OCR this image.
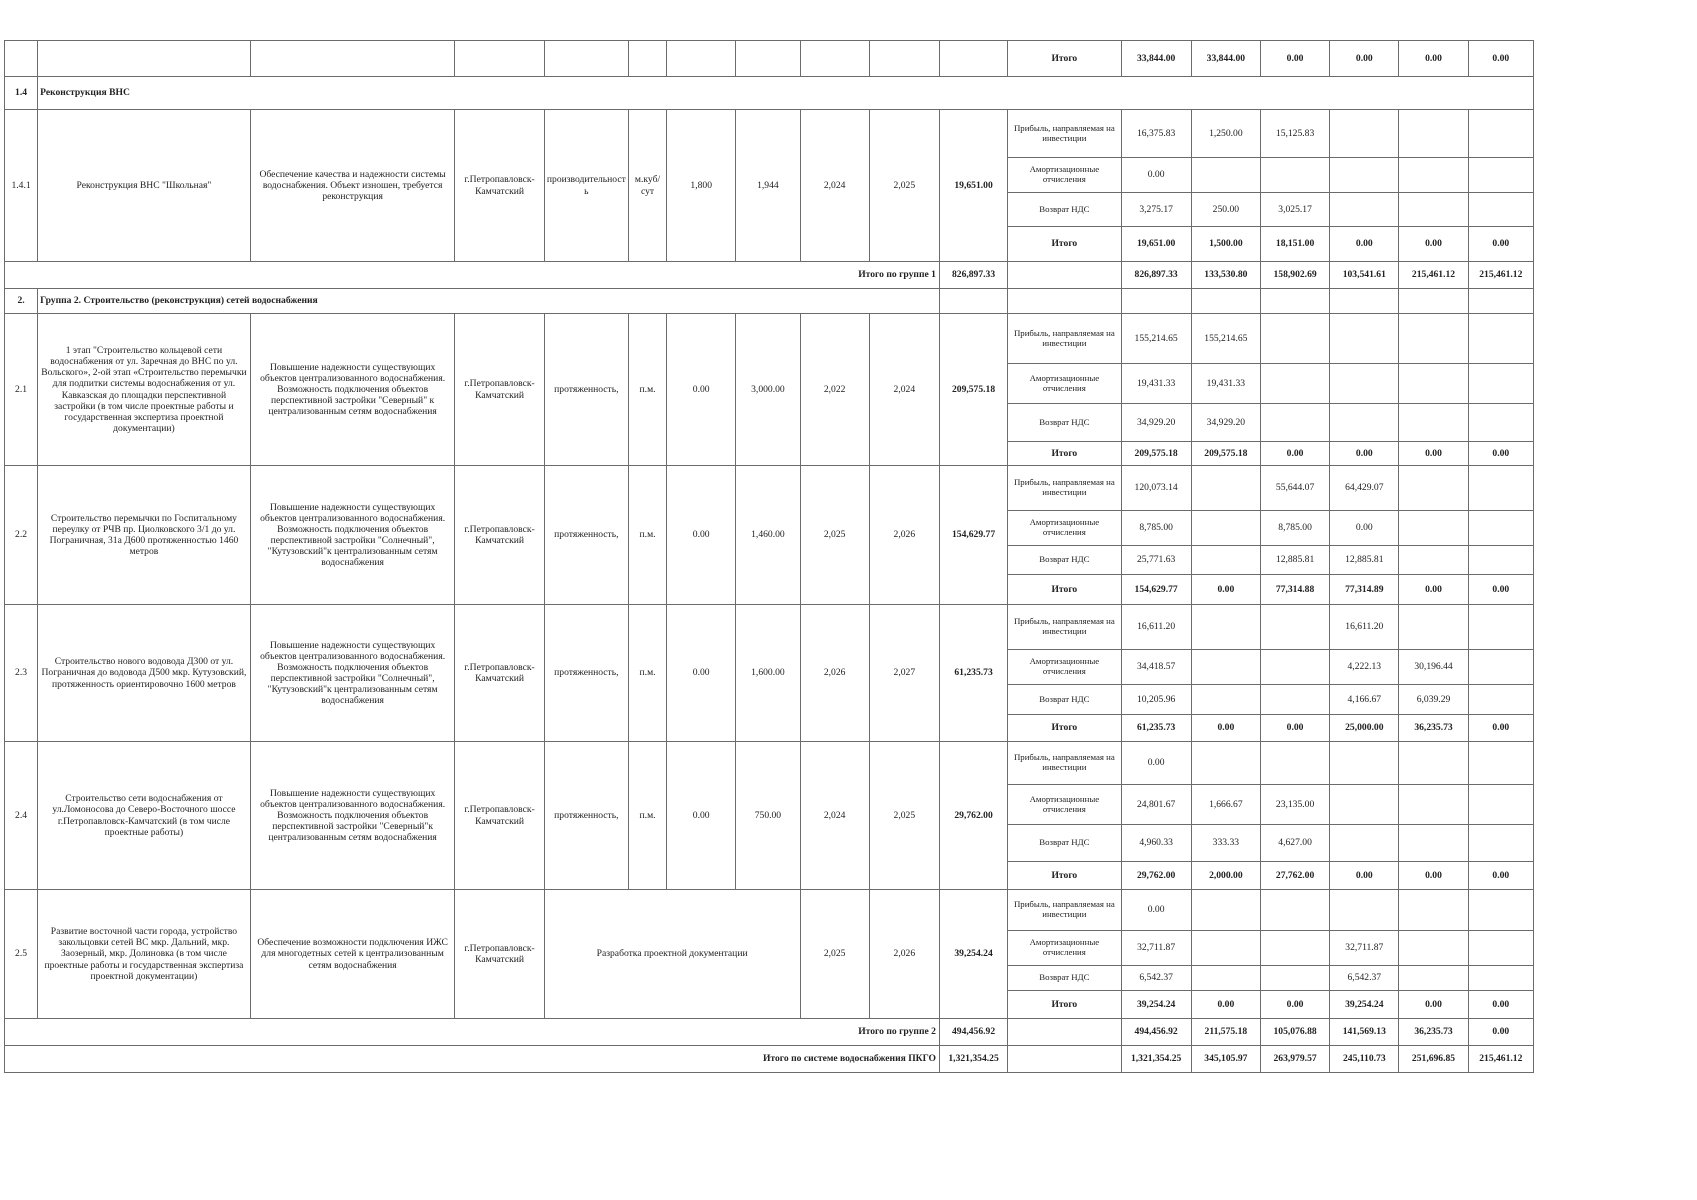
											Итого	33,844.00	33,844.00	0.00	0.00	0.00	0.00
1.4	Реконструкция ВНС																
1.4.1	Реконструкция ВНС "Школьная"	Обеспечение качества и надежности системы водоснабжения. Объект изношен, требуется реконструкция	г.Петропавловск-Камчатский	производительность	м.куб/сут	1,800	1,944	2,024	2,025	19,651.00	Прибыль, направляемая на инвестиции	16,375.83	1,250.00	15,125.83			
											Амортизационные отчисления	0.00					
											Возврат НДС	3,275.17	250.00	3,025.17			
											Итого	19,651.00	1,500.00	18,151.00	0.00	0.00	0.00
Итого по группе 1										826,897.33		826,897.33	133,530.80	158,902.69	103,541.61	215,461.12	215,461.12
2.	Группа 2. Строительство (реконструкция) сетей водоснабжения																
2.1	1 этап "Строительство кольцевой сети водоснабжения от ул. Заречная до ВНС по ул. Вольского», 2-ой этап «Строительство перемычки для подпитки системы водоснабжения от ул. Кавказская до площадки перспективной застройки (в том числе проектные работы и государственная экспертиза проектной документации)	Повышение надежности существующих объектов централизованного водоснабжения. Возможность подключения объектов перспективной застройки "Северный" к централизованным сетям водоснабжения	г.Петропавловск-Камчатский	протяженность,	п.м.	0.00	3,000.00	2,022	2,024	209,575.18	Прибыль, направляемая на инвестиции	155,214.65	155,214.65				
											Амортизационные отчисления	19,431.33	19,431.33				
											Возврат НДС	34,929.20	34,929.20				
											Итого	209,575.18	209,575.18	0.00	0.00	0.00	0.00
2.2	Строительство перемычки по Госпитальному переулку от РЧВ пр. Циолковского 3/1 до ул. Пограничная, 31а Д600 протяженностью 1460 метров	Повышение надежности существующих объектов централизованного водоснабжения. Возможность подключения объектов перспективной застройки "Солнечный", "Кутузовский"к централизованным сетям водоснабжения	г.Петропавловск-Камчатский	протяженность,	п.м.	0.00	1,460.00	2,025	2,026	154,629.77	Прибыль, направляемая на инвестиции	120,073.14		55,644.07	64,429.07		
											Амортизационные отчисления	8,785.00		8,785.00	0.00		
											Возврат НДС	25,771.63		12,885.81	12,885.81		
											Итого	154,629.77	0.00	77,314.88	77,314.89	0.00	0.00
2.3	Строительство нового водовода Д300 от ул. Пограничная до водовода Д500 мкр. Кутузовский, протяженность ориентировочно 1600 метров	Повышение надежности существующих объектов централизованного водоснабжения. Возможность подключения объектов перспективной застройки "Солнечный", "Кутузовский"к централизованным сетям водоснабжения	г.Петропавловск-Камчатский	протяженность,	п.м.	0.00	1,600.00	2,026	2,027	61,235.73	Прибыль, направляемая на инвестиции	16,611.20			16,611.20		
											Амортизационные отчисления	34,418.57			4,222.13	30,196.44	
											Возврат НДС	10,205.96			4,166.67	6,039.29	
											Итого	61,235.73	0.00	0.00	25,000.00	36,235.73	0.00
2.4	Строительство сети водоснабжения от ул.Ломоносова до Северо-Восточного шоссе г.Петропавловск-Камчатский (в том числе проектные работы)	Повышение надежности существующих объектов централизованного водоснабжения. Возможность подключения объектов перспективной застройки "Северный"к централизованным сетям водоснабжения	г.Петропавловск-Камчатский	протяженность,	п.м.	0.00	750.00	2,024	2,025	29,762.00	Прибыль, направляемая на инвестиции	0.00					
											Амортизационные отчисления	24,801.67	1,666.67	23,135.00			
											Возврат НДС	4,960.33	333.33	4,627.00			
											Итого	29,762.00	2,000.00	27,762.00	0.00	0.00	0.00
2.5	Развитие восточной части города, устройство закольцовки сетей ВС мкр. Дальний, мкр. Заозерный, мкр. Долиновка (в том числе проектные работы и государственная экспертиза проектной документации)	Обеспечение возможности подключения ИЖС для многодетных сетей к централизованным сетям водоснабжения	г.Петропавловск-Камчатский	Разработка проектной документации				2,025	2,026	39,254.24	Прибыль, направляемая на инвестиции	0.00					
											Амортизационные отчисления	32,711.87			32,711.87		
											Возврат НДС	6,542.37			6,542.37		
											Итого	39,254.24	0.00	0.00	39,254.24	0.00	0.00
Итого по группе 2										494,456.92		494,456.92	211,575.18	105,076.88	141,569.13	36,235.73	0.00
Итого по системе водоснабжения ПКГО										1,321,354.25		1,321,354.25	345,105.97	263,979.57	245,110.73	251,696.85	215,461.12
